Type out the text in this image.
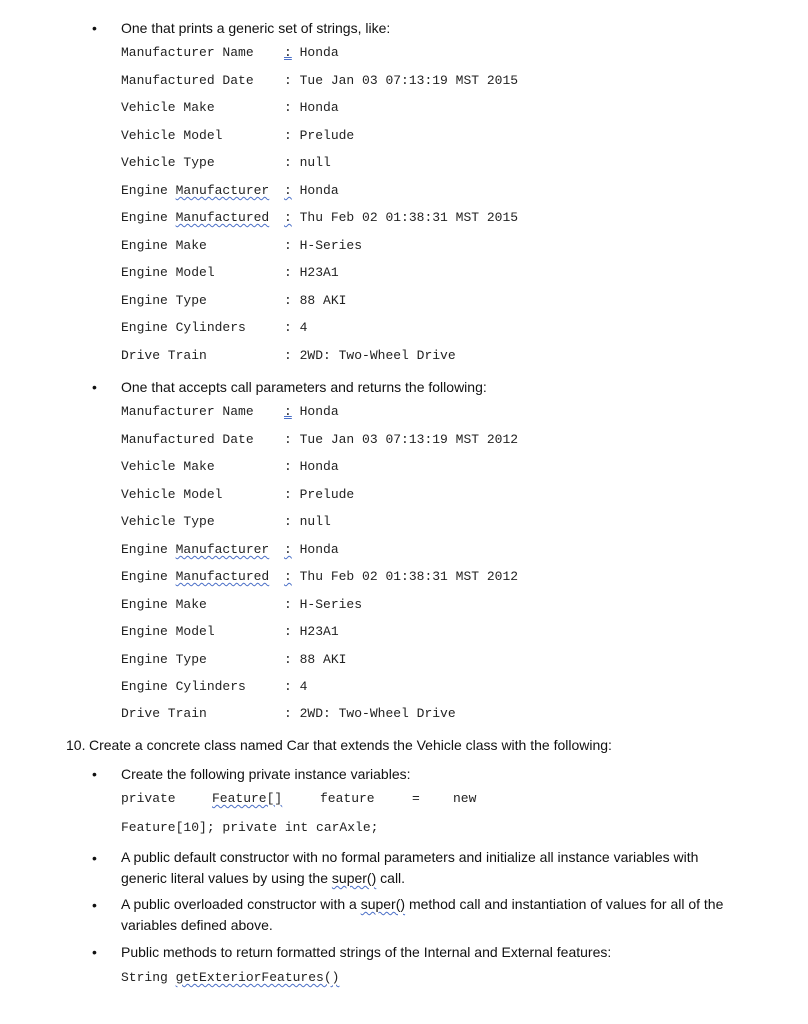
• One that prints a generic set of strings, like:
Manufacturer Name : Honda
Manufactured Date : Tue Jan 03 07:13:19 MST 2015
Vehicle Make	: Honda
Vehicle Model	: Prelude
Vehicle Type	: null
Engine Manufacturer : Honda
Engine Manufactured : Thu Feb 02 01:38:31 MST 2015
Engine Make	: H-Series
Engine Model	: H23A1
Engine Type	: 88 AKI
Engine Cylinders	: 4
Drive Train	: 2WD: Two-Wheel Drive
• One that accepts call parameters and returns the following:
Manufacturer Name : Honda
Manufactured Date : Tue Jan 03 07:13:19 MST 2012
Vehicle Make	: Honda
Vehicle Model	: Prelude
Vehicle Type	: null
Engine Manufacturer : Honda
Engine Manufactured : Thu Feb 02 01:38:31 MST 2012
Engine Make	: H-Series
Engine Model	: H23A1
Engine Type	: 88 AKI
Engine Cylinders	: 4
Drive Train	: 2WD: Two-Wheel Drive
10. Create a concrete class named Car that extends the Vehicle class with the following:
• Create the following private instance variables:
private	Feature[]	feature	=	new
Feature[10]; private int carAxle;
• A public default constructor with no formal parameters and initialize all instance variables with generic literal values by using the super() call.
• A public overloaded constructor with a super() method call and instantiation of values for all of the variables defined above.
• Public methods to return formatted strings of the Internal and External features:
String getExteriorFeatures()
